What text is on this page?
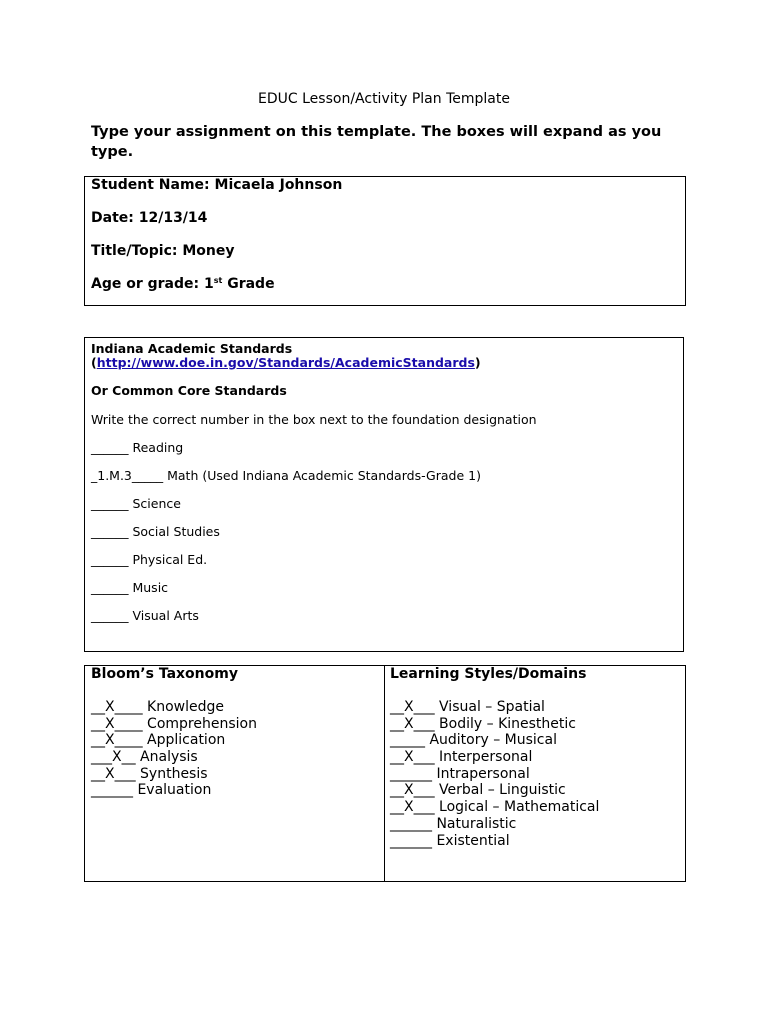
EDUC Lesson/Activity Plan Template
Type your assignment on this template. The boxes will expand as you type.
Student Name: Micaela Johnson
Date: 12/13/14
Title/Topic: Money
Age or grade: 1st Grade
Indiana Academic Standards
(http://www.doe.in.gov/Standards/AcademicStandards)
Or Common Core Standards
Write the correct number in the box next to the foundation designation
______ Reading
_1.M.3_____ Math (Used Indiana Academic Standards-Grade 1)
______ Science
______ Social Studies
______ Physical Ed.
______ Music
______ Visual Arts
Bloom’s Taxonomy
__X____ Knowledge
__X____ Comprehension
__X____ Application
___X__ Analysis
__X___ Synthesis
______ Evaluation
Learning Styles/Domains
__X___ Visual – Spatial
__X___ Bodily – Kinesthetic
_____ Auditory – Musical
__X___ Interpersonal
______ Intrapersonal
__X___ Verbal – Linguistic
__X___ Logical – Mathematical
______ Naturalistic
______ Existential
